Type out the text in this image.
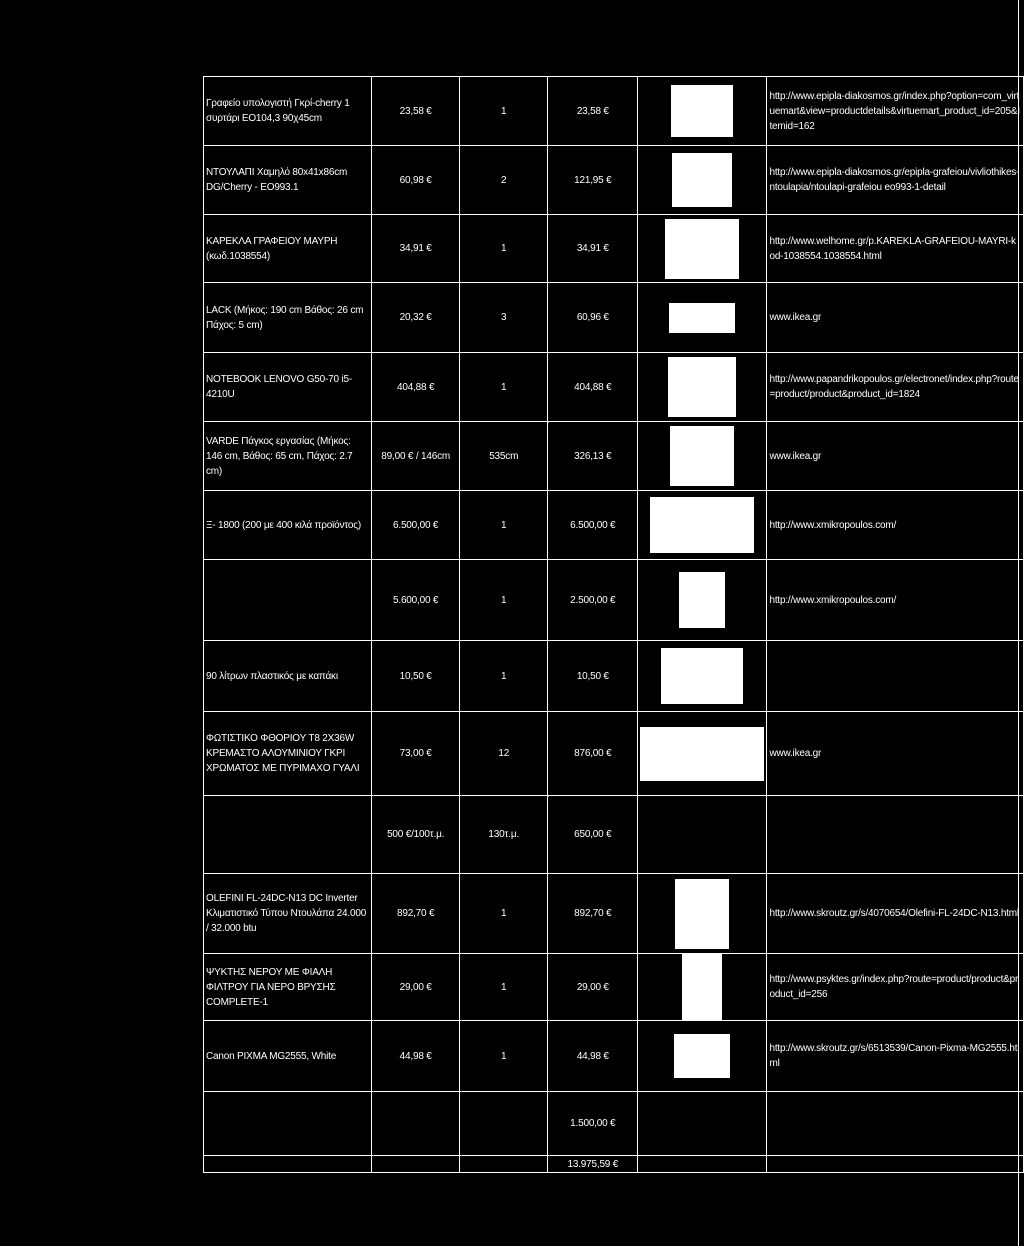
Γραφείο υπολογιστή Γκρί-cherry 1 συρτάρι ΕΟ104,3 90χ45cm	23,58 €	1	23,58 €		http://www.epipla-diakosmos.gr/index.php?option=com_virtuemart&view=productdetails&virtuemart_product_id=205&Itemid=162
ΝΤΟΥΛΑΠΙ Χαμηλό 80x41x86cm DG/Cherry - ΕΟ993.1	60,98 €	2	121,95 €		http://www.epipla-diakosmos.gr/epipla-grafeiou/vivliothikes-ntoulapia/ntoulapi-grafeiou eo993-1-detail
ΚΑΡΕΚΛΑ ΓΡΑΦΕΙΟΥ ΜΑΥΡΗ (κωδ.1038554)	34,91 €	1	34,91 €		http://www.welhome.gr/p.KAREKLA-GRAFEIOU-MAYRI-kod-1038554.1038554.html
LACK (Μήκος: 190 cm Βάθος: 26 cm Πάχος: 5 cm)	20,32 €	3	60,96 €		www.ikea.gr
NOTEBOOK LENOVO G50-70 i5-4210U	404,88 €	1	404,88 €		http://www.papandrikopoulos.gr/electronet/index.php?route=product/product&product_id=1824
VARDE Πάγκος εργασίας (Μήκος: 146 cm, Βάθος: 65 cm, Πάχος: 2.7 cm)	89,00 € / 146cm	535cm	326,13 €		www.ikea.gr
Ξ- 1800 (200 με 400 κιλά προϊόντος)	6.500,00 €	1	6.500,00 €		http://www.xmikropoulos.com/
	5.600,00 €	1	2.500,00 €		http://www.xmikropoulos.com/
90 λίτρων πλαστικός με καπάκι	10,50 €	1	10,50 €		
ΦΩΤΙΣΤΙΚΟ ΦΘΟΡΙΟΥ T8 2X36W ΚΡΕΜΑΣΤΟ ΑΛΟΥΜΙΝΙΟΥ ΓΚΡΙ ΧΡΩΜΑΤΟΣ ΜΕ ΠΥΡΙΜΑΧΟ ΓΥΑΛΙ	73,00 €	12	876,00 €		www.ikea.gr
	500 €/100τ.μ.	130τ.μ.	650,00 €		
OLEFINI FL-24DC-N13 DC Inverter Κλιματιστικό Τύπου Ντουλάπα 24.000 / 32.000 btu	892,70 €	1	892,70 €		http://www.skroutz.gr/s/4070654/Olefini-FL-24DC-N13.html
ΨΥΚΤΗΣ ΝΕΡΟΥ ΜΕ ΦΙΑΛΗ ΦΙΛΤΡΟΥ ΓΙΑ ΝΕΡΟ ΒΡΥΣΗΣ COMPLETE-1	29,00 €	1	29,00 €		http://www.psyktes.gr/index.php?route=product/product&product_id=256
Canon PIXMA MG2555, White	44,98 €	1	44,98 €		http://www.skroutz.gr/s/6513539/Canon-Pixma-MG2555.html
			1.500,00 €		
			13.975,59 €		
